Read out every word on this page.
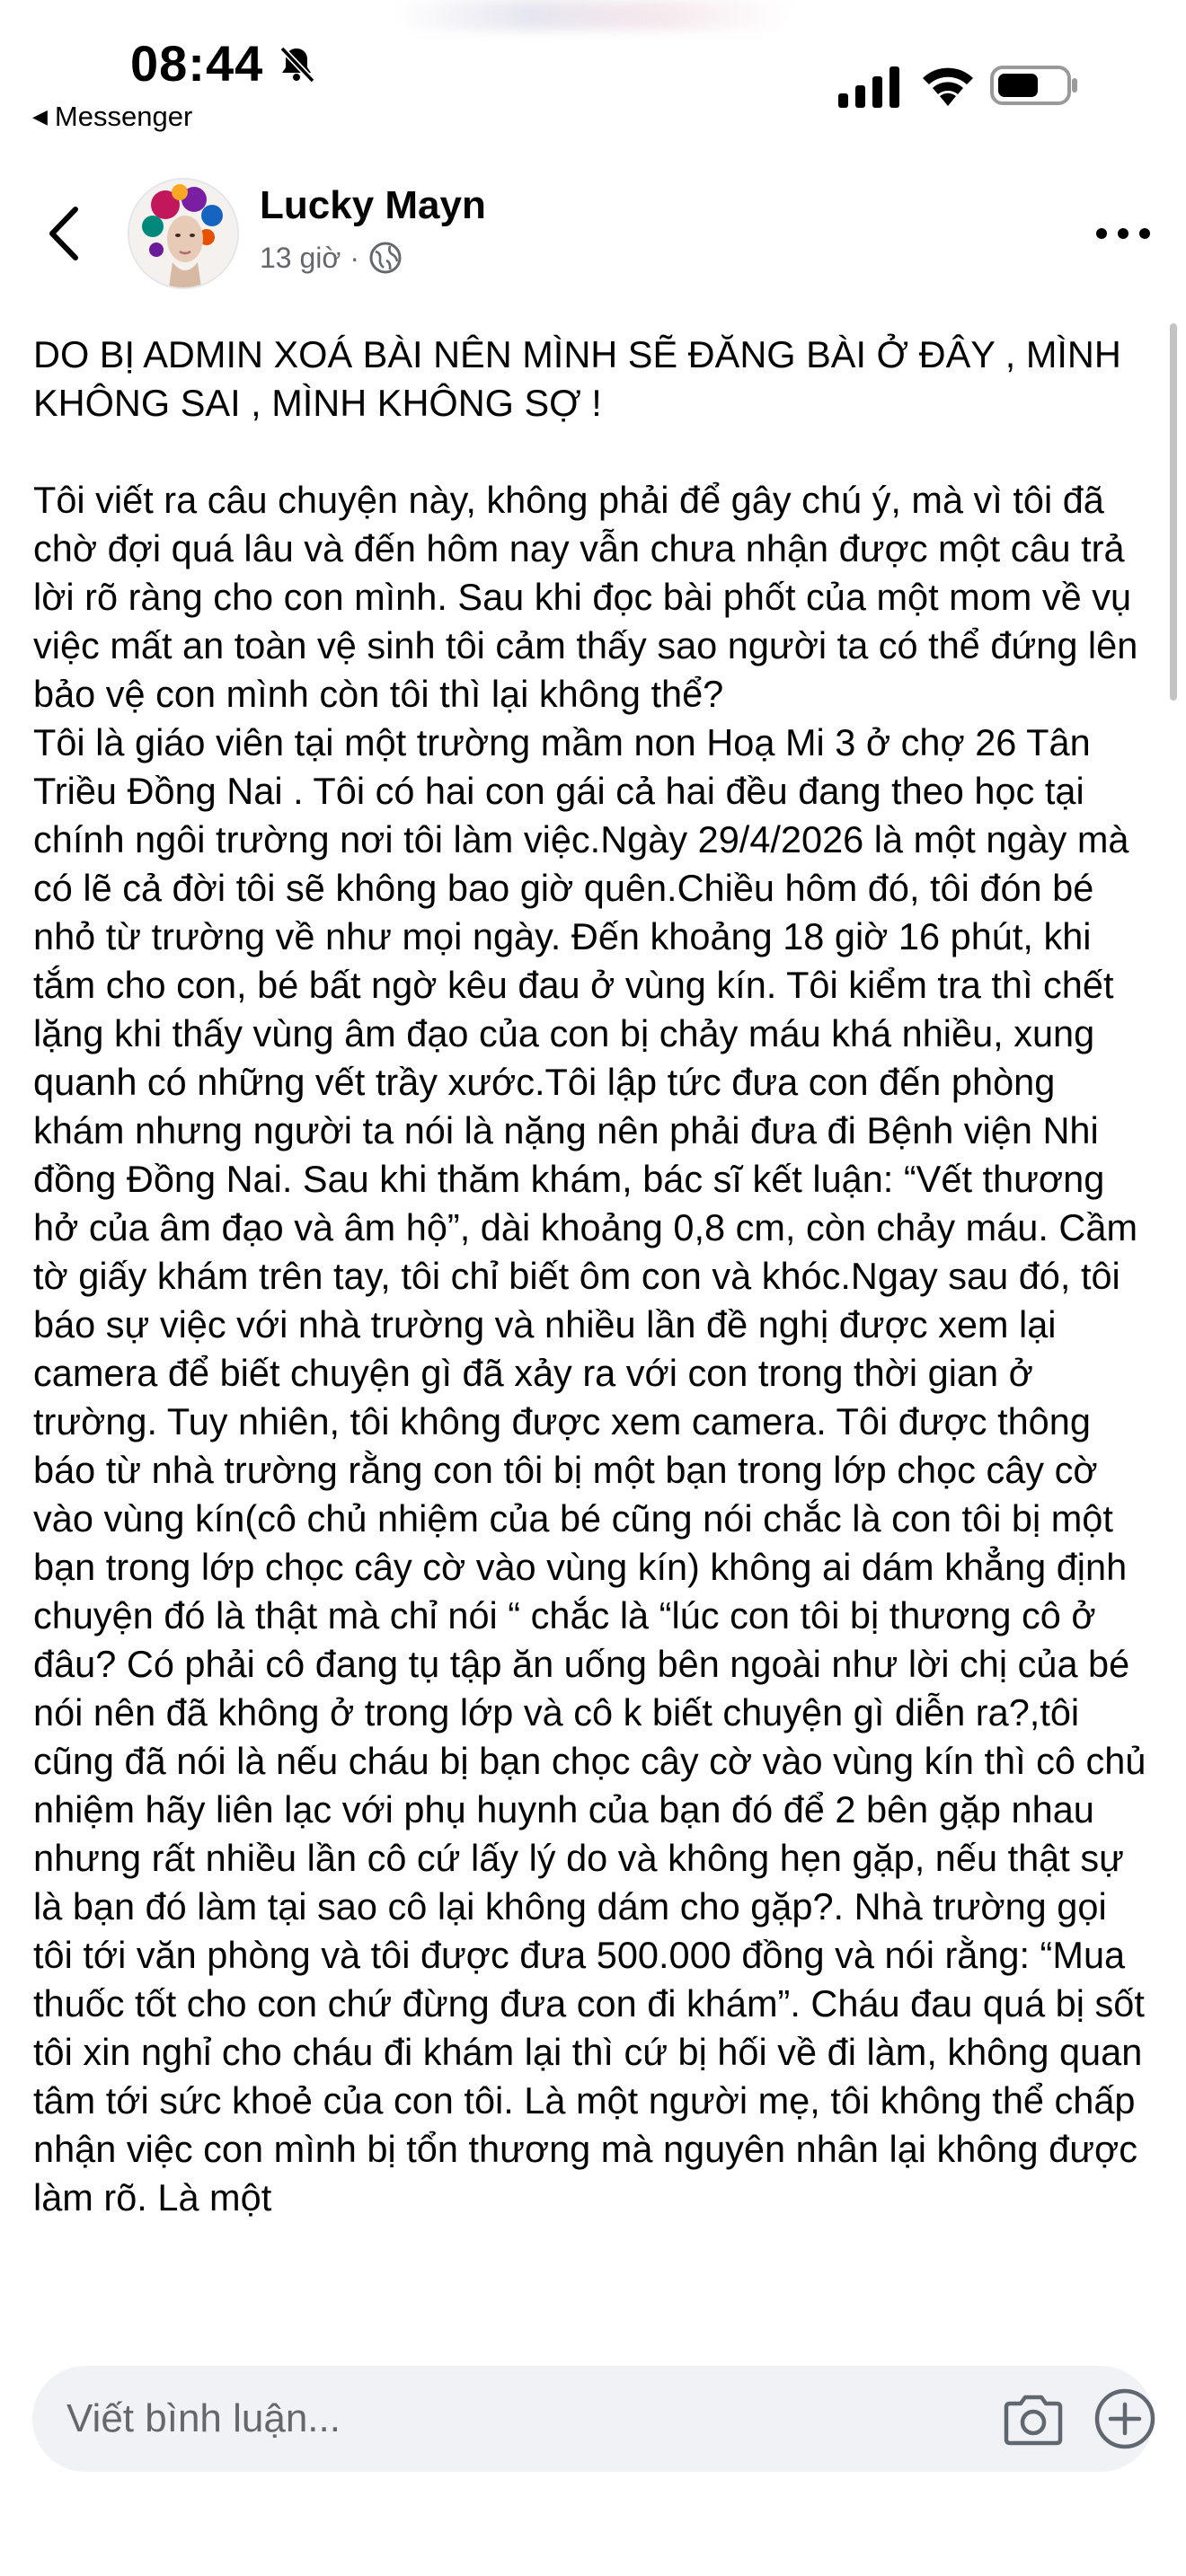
08:44
◀ Messenger
Lucky Mayn
13 giờ ·

DO BỊ ADMIN XOÁ BÀI NÊN MÌNH SẼ ĐĂNG BÀI Ở ĐÂY , MÌNH KHÔNG SAI , MÌNH KHÔNG SỢ !

Tôi viết ra câu chuyện này, không phải để gây chú ý, mà vì tôi đã chờ đợi quá lâu và đến hôm nay vẫn chưa nhận được một câu trả lời rõ ràng cho con mình. Sau khi đọc bài phốt của một mom về vụ việc mất an toàn vệ sinh tôi cảm thấy sao người ta có thể đứng lên bảo vệ con mình còn tôi thì lại không thể?

Tôi là giáo viên tại một trường mầm non Hoạ Mi 3 ở chợ 26 Tân Triều Đồng Nai . Tôi có hai con gái cả hai đều đang theo học tại chính ngôi trường nơi tôi làm việc.Ngày 29/4/2026 là một ngày mà có lẽ cả đời tôi sẽ không bao giờ quên.Chiều hôm đó, tôi đón bé nhỏ từ trường về như mọi ngày. Đến khoảng 18 giờ 16 phút, khi tắm cho con, bé bất ngờ kêu đau ở vùng kín. Tôi kiểm tra thì chết lặng khi thấy vùng âm đạo của con bị chảy máu khá nhiều, xung quanh có những vết trầy xước.Tôi lập tức đưa con đến phòng khám nhưng người ta nói là nặng nên phải đưa đi Bệnh viện Nhi đồng Đồng Nai. Sau khi thăm khám, bác sĩ kết luận: “Vết thương hở của âm đạo và âm hộ”, dài khoảng 0,8 cm, còn chảy máu. Cầm tờ giấy khám trên tay, tôi chỉ biết ôm con và khóc.Ngay sau đó, tôi báo sự việc với nhà trường và nhiều lần đề nghị được xem lại camera để biết chuyện gì đã xảy ra với con trong thời gian ở trường. Tuy nhiên, tôi không được xem camera. Tôi được thông báo từ nhà trường rằng con tôi bị một bạn trong lớp chọc cây cờ vào vùng kín(cô chủ nhiệm của bé cũng nói chắc là con tôi bị một bạn trong lớp chọc cây cờ vào vùng kín) không ai dám khẳng định chuyện đó là thật mà chỉ nói “ chắc là “lúc con tôi bị thương cô ở đâu? Có phải cô đang tụ tập ăn uống bên ngoài như lời chị của bé nói nên đã không ở trong lớp và cô k biết chuyện gì diễn ra?,tôi cũng đã nói là nếu cháu bị bạn chọc cây cờ vào vùng kín thì cô chủ nhiệm hãy liên lạc với phụ huynh của bạn đó để 2 bên gặp nhau nhưng rất nhiều lần cô cứ lấy lý do và không hẹn gặp, nếu thật sự là bạn đó làm tại sao cô lại không dám cho gặp?. Nhà trường gọi tôi tới văn phòng và tôi được đưa 500.000 đồng và nói rằng: “Mua thuốc tốt cho con chứ đừng đưa con đi khám”. Cháu đau quá bị sốt tôi xin nghỉ cho cháu đi khám lại thì cứ bị hối về đi làm, không quan tâm tới sức khoẻ của con tôi. Là một người mẹ, tôi không thể chấp nhận việc con mình bị tổn thương mà nguyên nhân lại không được làm rõ. Là một

Viết bình luận...
